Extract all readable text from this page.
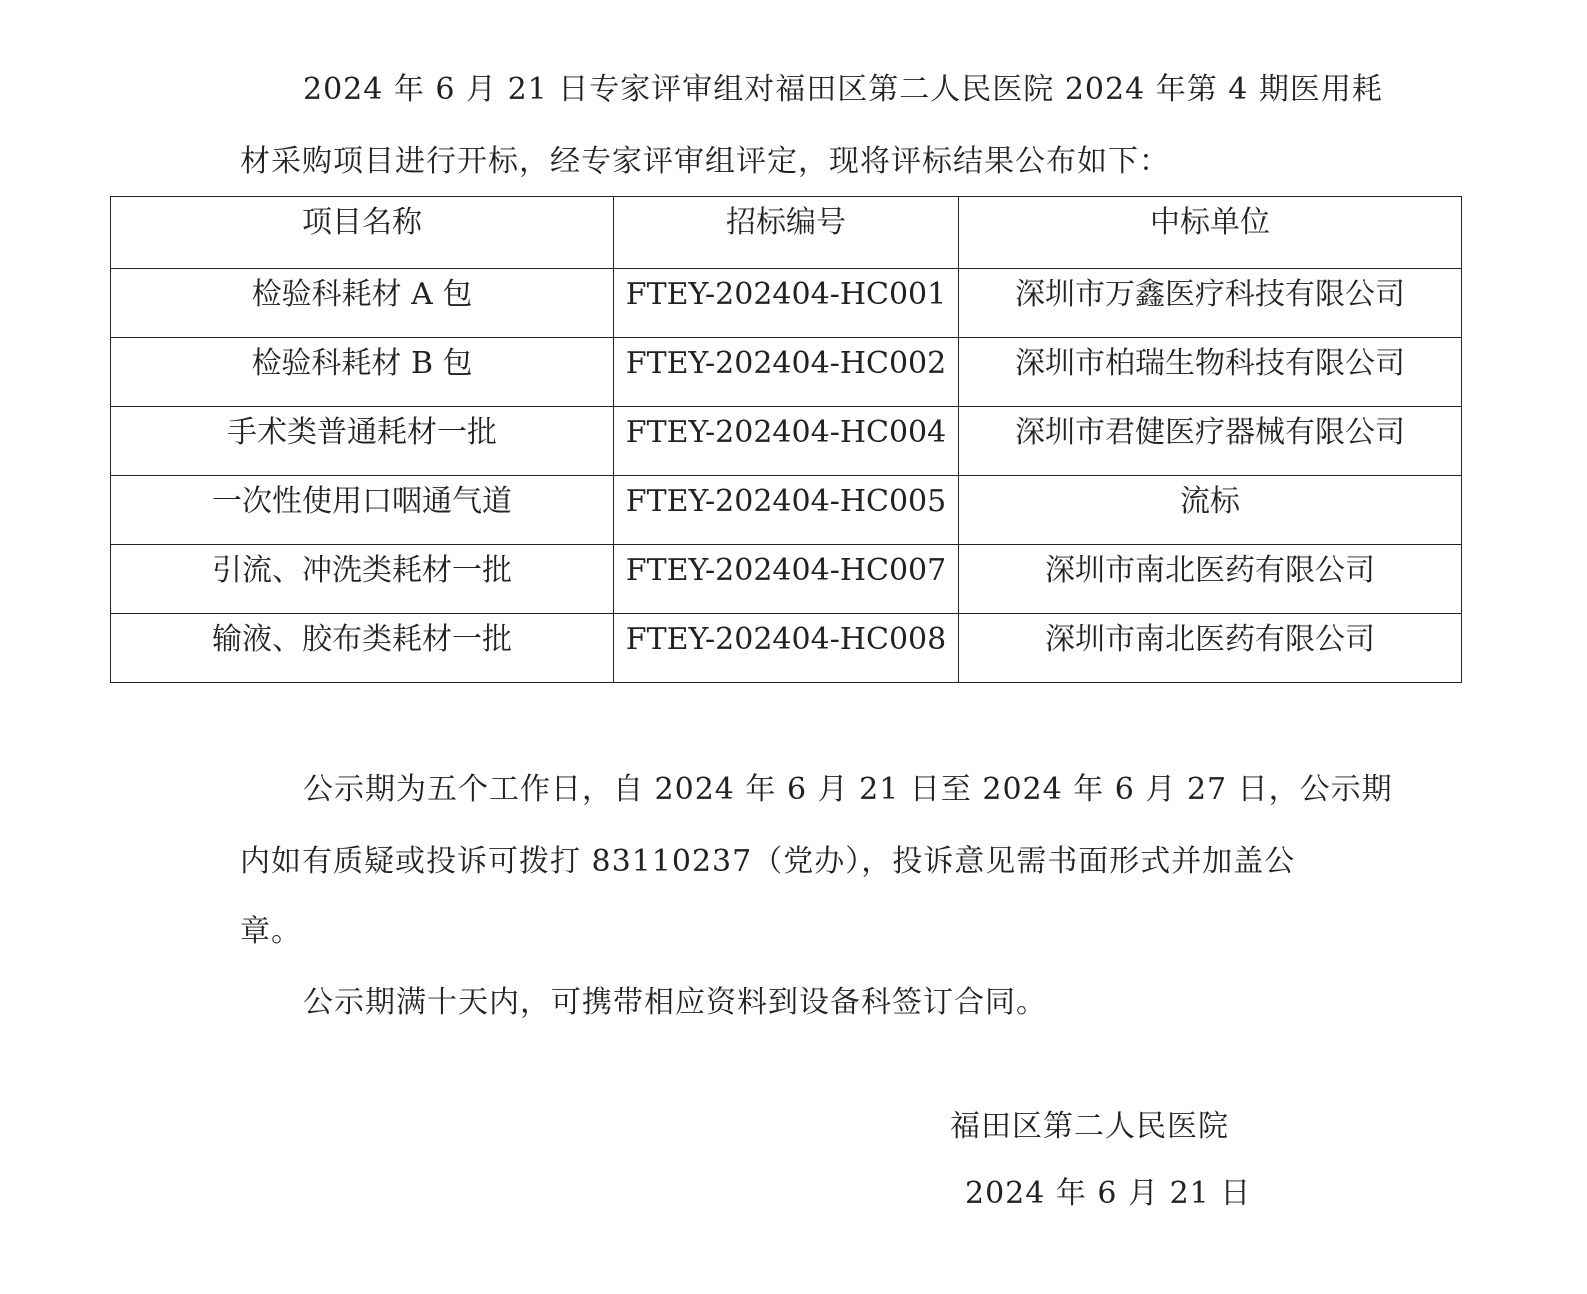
2024 年 6 月 21 日专家评审组对福田区第二人民医院 2024 年第 4 期医用耗
材采购项目进行开标，经专家评审组评定，现将评标结果公布如下：
项目名称	招标编号	中标单位
检验科耗材 A 包	FTEY-202404-HC001	深圳市万鑫医疗科技有限公司
检验科耗材 B 包	FTEY-202404-HC002	深圳市柏瑞生物科技有限公司
手术类普通耗材一批	FTEY-202404-HC004	深圳市君健医疗器械有限公司
一次性使用口咽通气道	FTEY-202404-HC005	流标
引流、冲洗类耗材一批	FTEY-202404-HC007	深圳市南北医药有限公司
输液、胶布类耗材一批	FTEY-202404-HC008	深圳市南北医药有限公司
公示期为五个工作日，自 2024 年 6 月 21 日至 2024 年 6 月 27 日，公示期
内如有质疑或投诉可拨打 83110237（党办），投诉意见需书面形式并加盖公
章。
公示期满十天内，可携带相应资料到设备科签订合同。
福田区第二人民医院
2024 年 6 月 21 日
